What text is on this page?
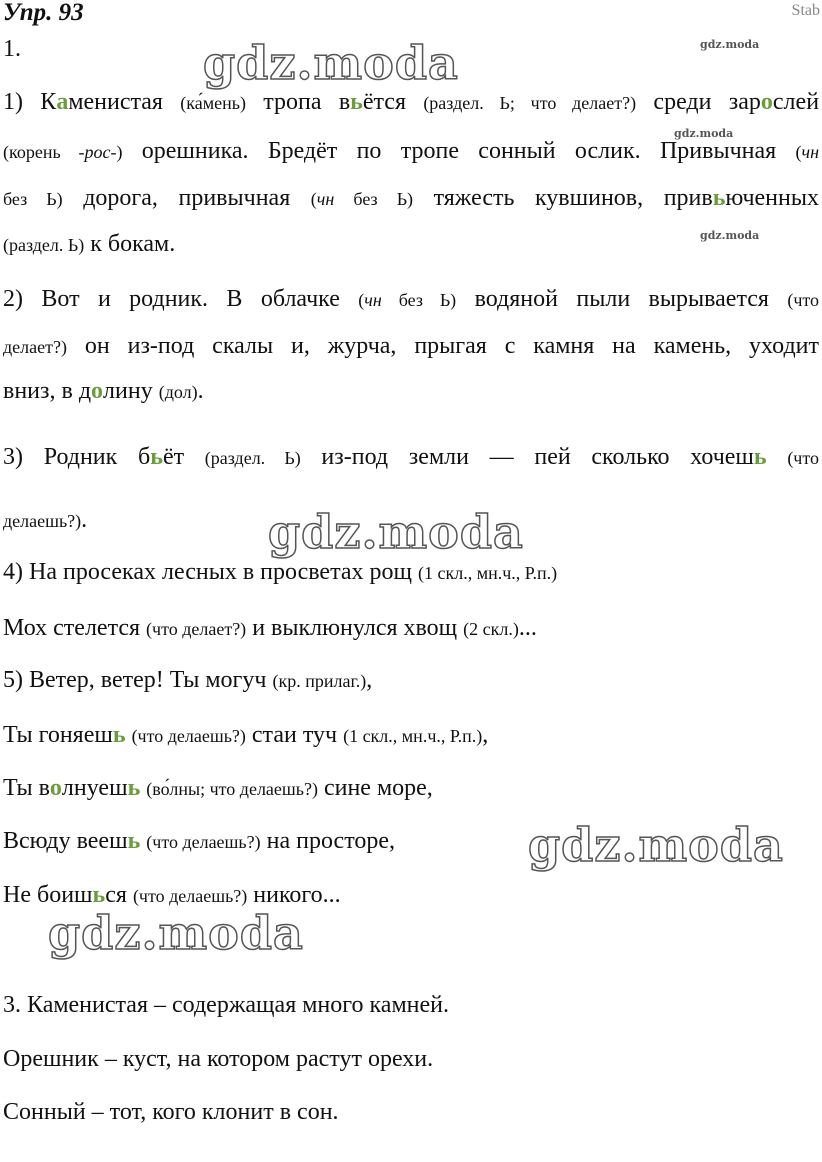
Stab
Упр. 93
1.
1) Каменистая (ка́мень) тропа вьётся (раздел. Ь; что делает?) среди зарослей
(корень -рос-) орешника. Бредёт по тропе сонный ослик. Привычная (чн
без Ь) дорога, привычная (чн без Ь) тяжесть кувшинов, привьюченных
(раздел. Ь) к бокам.
2) Вот и родник. В облачке (чн без Ь) водяной пыли вырывается (что
делает?) он из-под скалы и, журча, прыгая с камня на камень, уходит
вниз, в долину (дол).
3) Родник бьёт (раздел. Ь) из-под земли — пей сколько хочешь (что
делаешь?).
4) На просеках лесных в просветах рощ (1 скл., мн.ч., Р.п.)
Мох стелется (что делает?) и выклюнулся хвощ (2 скл.)...
5) Ветер, ветер! Ты могуч (кр. прилаг.),
Ты гоняешь (что делаешь?) стаи туч (1 скл., мн.ч., Р.п.),
Ты волнуешь (во́лны; что делаешь?) сине море,
Всюду веешь (что делаешь?) на просторе,
Не боишься (что делаешь?) никого...
3. Каменистая – содержащая много камней.
Орешник – куст, на котором растут орехи.
Сонный – тот, кого клонит в сон.
gdz.moda
gdz.moda
gdz.moda
gdz.moda
gdz.moda
gdz.moda
gdz.moda
